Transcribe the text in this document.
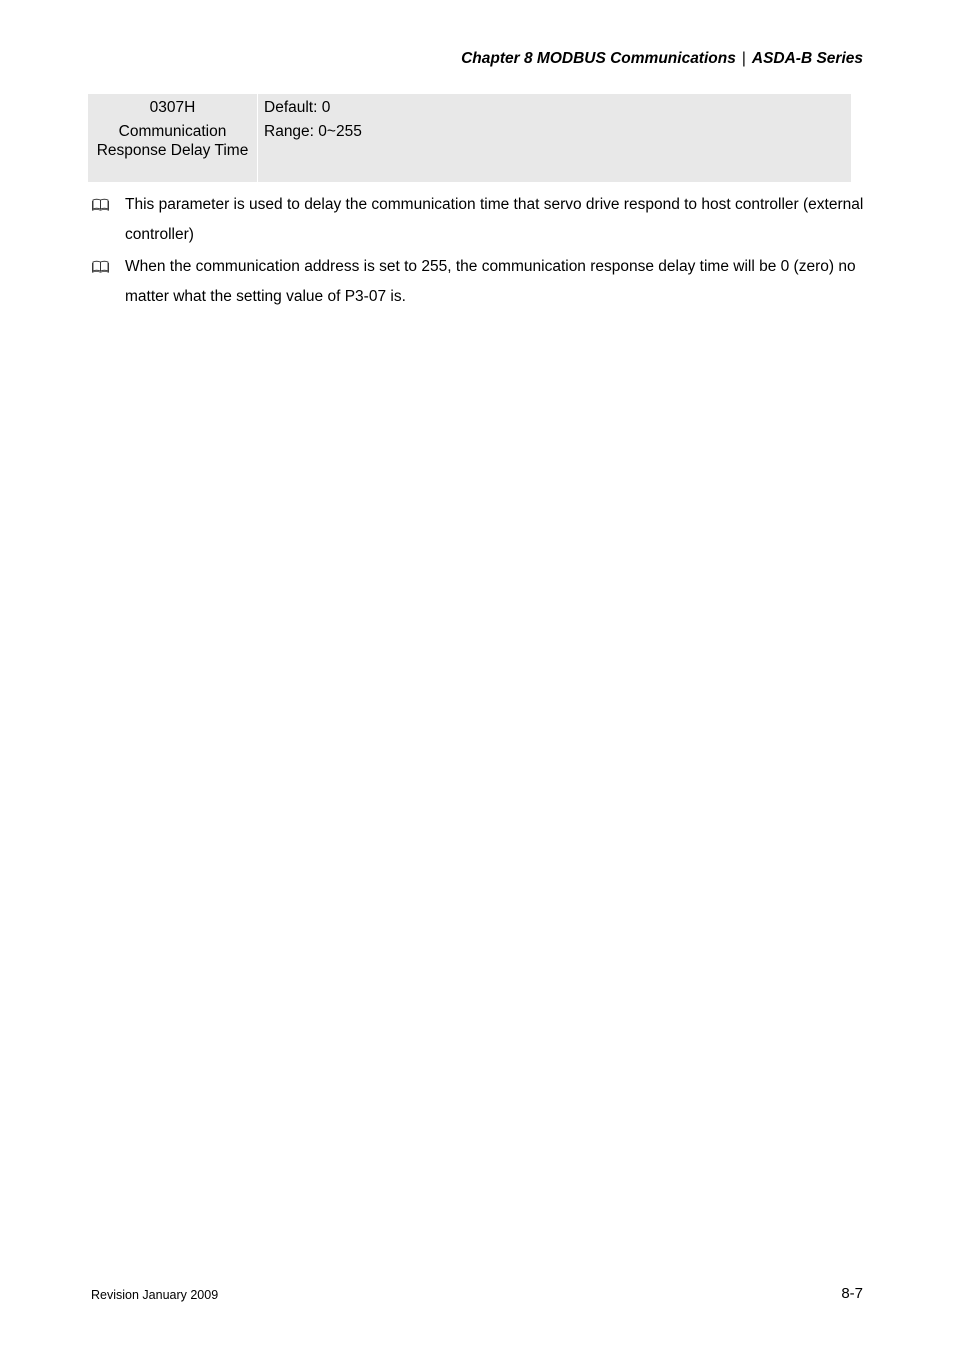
Chapter 8 MODBUS Communications | ASDA-B Series
0307H
Communication Response Delay Time
Default: 0
Range: 0~255
This parameter is used to delay the communication time that servo drive respond to host controller (external controller)
When the communication address is set to 255, the communication response delay time will be 0 (zero) no matter what the setting value of P3-07 is.
Revision January 2009	8-7
